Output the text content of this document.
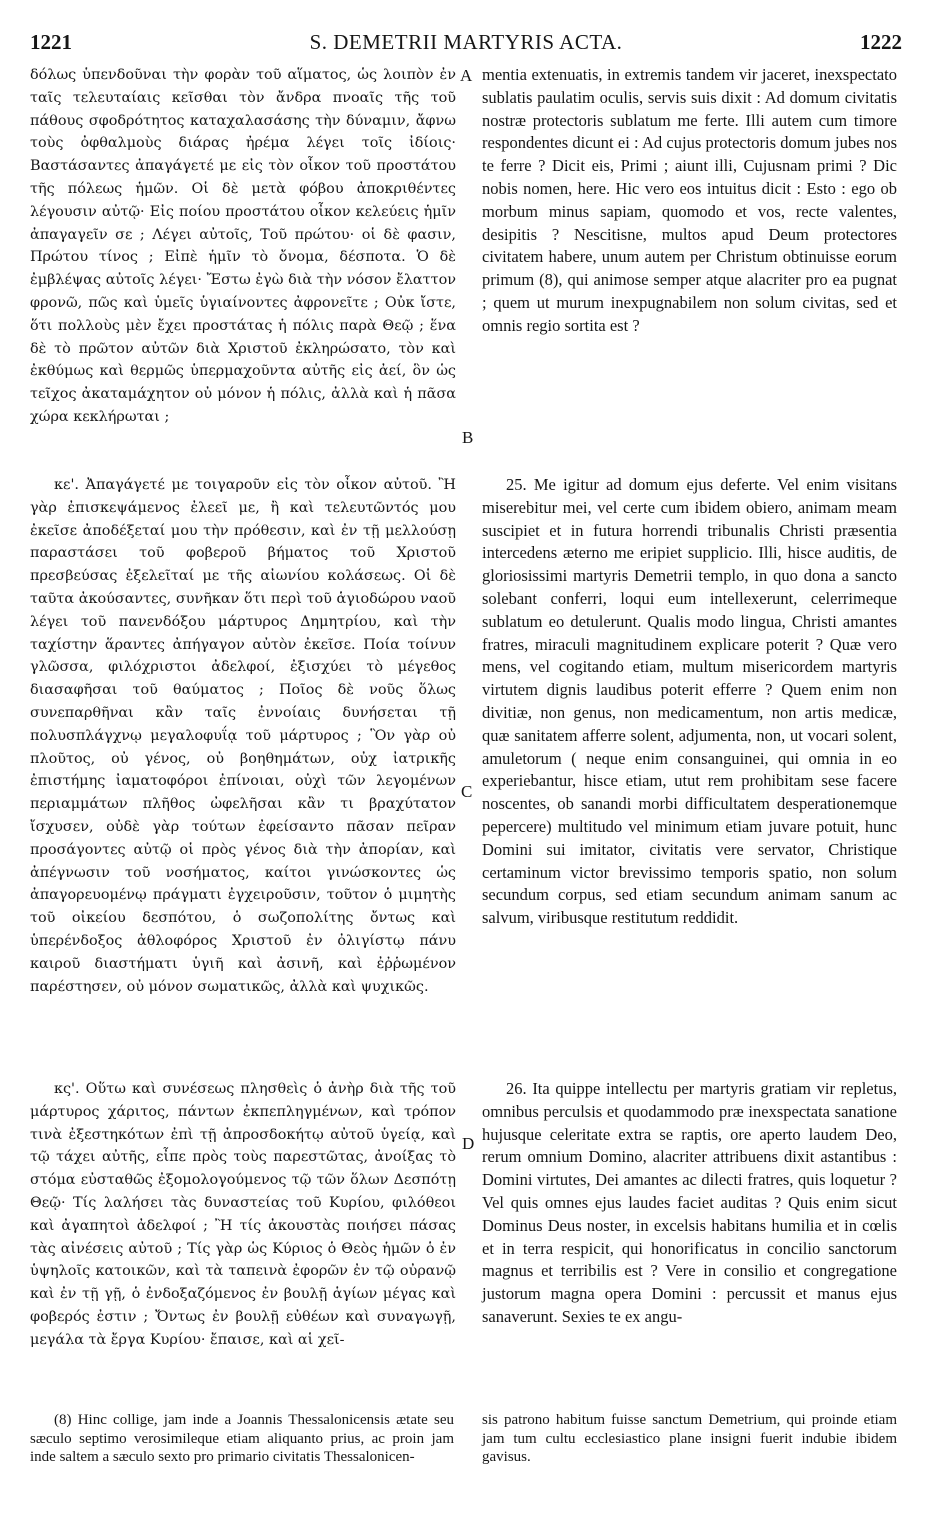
1221	S. DEMETRII MARTYRIS ACTA.	1222

δόλως ὑπενδοῦναι τὴν φορὰν τοῦ αἵματος, ὡς λοιπὸν ἐν ταῖς τελευταίαις κεῖσθαι τὸν ἄνδρα πνοαῖς τῆς τοῦ πάθους σφοδρότητος καταχαλασάσης τὴν δύναμιν, ἄφνω τοὺς ὀφθαλμοὺς διάρας ἠρέμα λέγει τοῖς ἰδίοις· Βαστάσαντες ἀπαγάγετέ με εἰς τὸν οἶκον τοῦ προστάτου τῆς πόλεως ἡμῶν. Οἱ δὲ μετὰ φόβου ἀποκριθέντες λέγουσιν αὐτῷ· Εἰς ποίου προστάτου οἶκον κελεύεις ἡμῖν ἀπαγαγεῖν σε ; Λέγει αὐτοῖς, Τοῦ πρώτου· οἱ δὲ φασιν, Πρώτου τίνος ; Εἰπὲ ἡμῖν τὸ ὄνομα, δέσποτα. Ὁ δὲ ἐμβλέψας αὐτοῖς λέγει· Ἔστω ἐγὼ διὰ τὴν νόσον ἔλαττον φρονῶ, πῶς καὶ ὑμεῖς ὑγιαίνοντες ἀφρονεῖτε ; Οὐκ ἴστε, ὅτι πολλοὺς μὲν ἔχει προστάτας ἡ πόλις παρὰ Θεῷ ; ἕνα δὲ τὸ πρῶτον αὐτῶν διὰ Χριστοῦ ἐκληρώσατο, τὸν καὶ ἐκθύμως καὶ θερμῶς ὑπερμαχοῦντα αὐτῆς εἰς ἀεί, ὃν ὡς τεῖχος ἀκαταμάχητον οὐ μόνον ἡ πόλις, ἀλλὰ καὶ ἡ πᾶσα χώρα κεκλήρωται ;

κε'. Ἀπαγάγετέ με τοιγαροῦν εἰς τὸν οἶκον αὐτοῦ. Ἢ γὰρ ἐπισκεψάμενος ἐλεεῖ με, ἢ καὶ τελευτῶντός μου ἐκεῖσε ἀποδέξεταί μου τὴν πρόθεσιν, καὶ ἐν τῇ μελλούσῃ παραστάσει τοῦ φοβεροῦ βήματος τοῦ Χριστοῦ πρεσβεύσας ἐξελεῖταί με τῆς αἰωνίου κολάσεως. Οἱ δὲ ταῦτα ἀκούσαντες, συνῆκαν ὅτι περὶ τοῦ ἁγιοδώρου ναοῦ λέγει τοῦ πανενδόξου μάρτυρος Δημητρίου, καὶ τὴν ταχίστην ἅραντες ἀπήγαγον αὐτὸν ἐκεῖσε. Ποία τοίνυν γλῶσσα, φιλόχριστοι ἀδελφοί, ἐξισχύει τὸ μέγεθος διασαφῆσαι τοῦ θαύματος ; Ποῖος δὲ νοῦς ὅλως συνεπαρθῆναι κἂν ταῖς ἐννοίαις δυνήσεται τῇ πολυσπλάγχνῳ μεγαλοφυΐᾳ τοῦ μάρτυρος ; Ὃν γὰρ οὐ πλοῦτος, οὐ γένος, οὐ βοηθημάτων, οὐχ ἰατρικῆς ἐπιστήμης ἰαματοφόροι ἐπίνοιαι, οὐχὶ τῶν λεγομένων περιαμμάτων πλῆθος ὠφελῆσαι κἂν τι βραχύτατον ἴσχυσεν, οὐδὲ γὰρ τούτων ἐφείσαντο πᾶσαν πεῖραν προσάγοντες αὐτῷ οἱ πρὸς γένος διὰ τὴν ἀπορίαν, καὶ ἀπέγνωσιν τοῦ νοσήματος, καίτοι γινώσκοντες ὡς ἀπαγορευομένῳ πράγματι ἐγχειροῦσιν, τοῦτον ὁ μιμητὴς τοῦ οἰκείου δεσπότου, ὁ σωζοπολίτης ὄντως καὶ ὑπερένδοξος ἀθλοφόρος Χριστοῦ ἐν ὀλιγίστῳ πάνυ καιροῦ διαστήματι ὑγιῆ καὶ ἀσινῆ, καὶ ἐῤῥωμένον παρέστησεν, οὐ μόνον σωματικῶς, ἀλλὰ καὶ ψυχικῶς.

κς'. Οὕτω καὶ συνέσεως πλησθεὶς ὁ ἀνὴρ διὰ τῆς τοῦ μάρτυρος χάριτος, πάντων ἐκπεπληγμένων, καὶ τρόπον τινὰ ἐξεστηκότων ἐπὶ τῇ ἀπροσδοκήτῳ αὐτοῦ ὑγείᾳ, καὶ τῷ τάχει αὐτῆς, εἶπε πρὸς τοὺς παρεστῶτας, ἀνοίξας τὸ στόμα εὐσταθῶς ἐξομολογούμενος τῷ τῶν ὅλων Δεσπότῃ Θεῷ· Τίς λαλήσει τὰς δυναστείας τοῦ Κυρίου, φιλόθεοι καὶ ἀγαπητοὶ ἀδελφοί ; Ἢ τίς ἀκουστὰς ποιήσει πάσας τὰς αἰνέσεις αὐτοῦ ; Τίς γὰρ ὡς Κύριος ὁ Θεὸς ἡμῶν ὁ ἐν ὑψηλοῖς κατοικῶν, καὶ τὰ ταπεινὰ ἐφορῶν ἐν τῷ οὐρανῷ καὶ ἐν τῇ γῇ, ὁ ἐνδοξαζόμενος ἐν βουλῇ ἁγίων μέγας καὶ φοβερός ἐστιν ; Ὄντως ἐν βουλῇ εὐθέων καὶ συναγωγῇ, μεγάλα τὰ ἔργα Κυρίου· ἔπαισε, καὶ αἱ χεῖ-

A
B
C
D

mentia extenuatis, in extremis tandem vir jaceret, inexspectato sublatis paulatim oculis, servis suis dixit : Ad domum civitatis nostræ protectoris sublatum me ferte. Illi autem cum timore respondentes dicunt ei : Ad cujus protectoris domum jubes nos te ferre ? Dicit eis, Primi ; aiunt illi, Cujusnam primi ? Dic nobis nomen, here. Hic vero eos intuitus dicit : Esto : ego ob morbum minus sapiam, quomodo et vos, recte valentes, desipitis ? Nescitisne, multos apud Deum protectores civitatem habere, unum autem per Christum obtinuisse eorum primum (8), qui animose semper atque alacriter pro ea pugnat ; quem ut murum inexpugnabilem non solum civitas, sed et omnis regio sortita est ?

25. Me igitur ad domum ejus deferte. Vel enim visitans miserebitur mei, vel certe cum ibidem obiero, animam meam suscipiet et in futura horrendi tribunalis Christi præsentia intercedens æterno me eripiet supplicio. Illi, hisce auditis, de gloriosissimi martyris Demetrii templo, in quo dona a sancto solebant conferri, loqui eum intellexerunt, celerrimeque sublatum eo detulerunt. Qualis modo lingua, Christi amantes fratres, miraculi magnitudinem explicare poterit ? Quæ vero mens, vel cogitando etiam, multum misericordem martyris virtutem dignis laudibus poterit efferre ? Quem enim non divitiæ, non genus, non medicamentum, non artis medicæ, quæ sanitatem afferre solent, adjumenta, non, ut vocari solent, amuletorum ( neque enim consanguinei, qui omnia in eo experiebantur, hisce etiam, utut rem prohibitam sese facere noscentes, ob sanandi morbi difficultatem desperationemque pepercere) multitudo vel minimum etiam juvare potuit, hunc Domini sui imitator, civitatis vere servator, Christique certaminum victor brevissimo temporis spatio, non solum secundum corpus, sed etiam secundum animam sanum ac salvum, viribusque restitutum reddidit.

26. Ita quippe intellectu per martyris gratiam vir repletus, omnibus perculsis et quodammodo præ inexspectata sanatione hujusque celeritate extra se raptis, ore aperto laudem Deo, rerum omnium Domino, alacriter attribuens dixit astantibus : Domini virtutes, Dei amantes ac dilecti fratres, quis loquetur ? Vel quis omnes ejus laudes faciet auditas ? Quis enim sicut Dominus Deus noster, in excelsis habitans humilia et in cœlis et in terra respicit, qui honorificatus in concilio sanctorum magnus et terribilis est ? Vere in consilio et congregatione justorum magna opera Domini : percussit et manus ejus sanaverunt. Sexies te ex angu-

(8) Hinc collige, jam inde a Joannis Thessalonicensis ætate seu sæculo septimo verosimileque etiam aliquanto prius, ac proin jam inde saltem a sæculo sexto pro primario civitatis Thessalonicen-
sis patrono habitum fuisse sanctum Demetrium, qui proinde etiam jam tum cultu ecclesiastico plane insigni fuerit indubie ibidem gavisus.
